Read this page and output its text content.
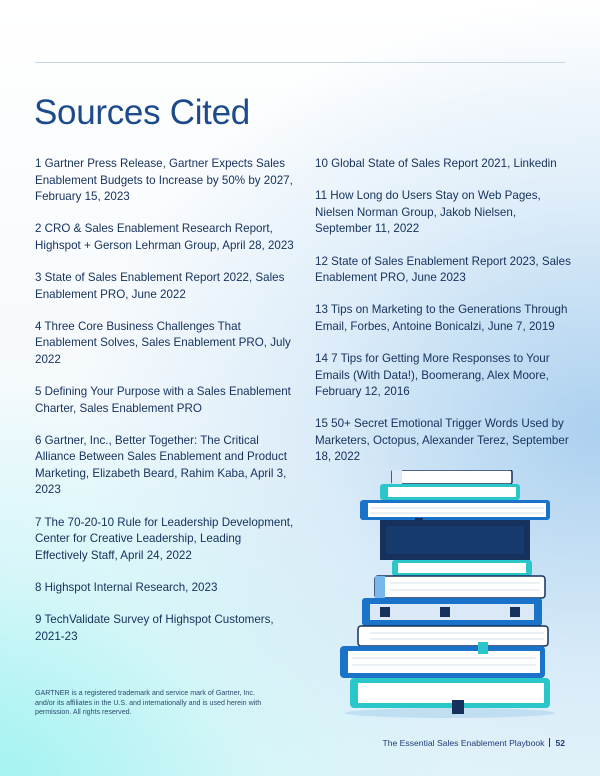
Sources Cited

1 Gartner Press Release, Gartner Expects Sales Enablement Budgets to Increase by 50% by 2027, February 15, 2023

2 CRO & Sales Enablement Research Report, Highspot + Gerson Lehrman Group, April 28, 2023

3 State of Sales Enablement Report 2022, Sales Enablement PRO, June 2022

4 Three Core Business Challenges That Enablement Solves, Sales Enablement PRO, July 2022

5 Defining Your Purpose with a Sales Enablement Charter, Sales Enablement PRO

6 Gartner, Inc., Better Together: The Critical Alliance Between Sales Enablement and Product Marketing, Elizabeth Beard, Rahim Kaba, April 3, 2023

7 The 70-20-10 Rule for Leadership Development, Center for Creative Leadership, Leading Effectively Staff, April 24, 2022

8 Highspot Internal Research, 2023

9 TechValidate Survey of Highspot Customers, 2021-23

10 Global State of Sales Report 2021, Linkedin

11 How Long do Users Stay on Web Pages, Nielsen Norman Group, Jakob Nielsen, September 11, 2022

12 State of Sales Enablement Report 2023, Sales Enablement PRO, June 2023

13 Tips on Marketing to the Generations Through Email, Forbes, Antoine Bonicalzi, June 7, 2019

14 7 Tips for Getting More Responses to Your Emails (With Data!), Boomerang, Alex Moore, February 12, 2016

15 50+ Secret Emotional Trigger Words Used by Marketers, Octopus, Alexander Terez, September 18, 2022

GARTNER is a registered trademark and service mark of Gartner, Inc. and/or its affiliates in the U.S. and internationally and is used herein with permission. All rights reserved.

The Essential Sales Enablement Playbook 52
